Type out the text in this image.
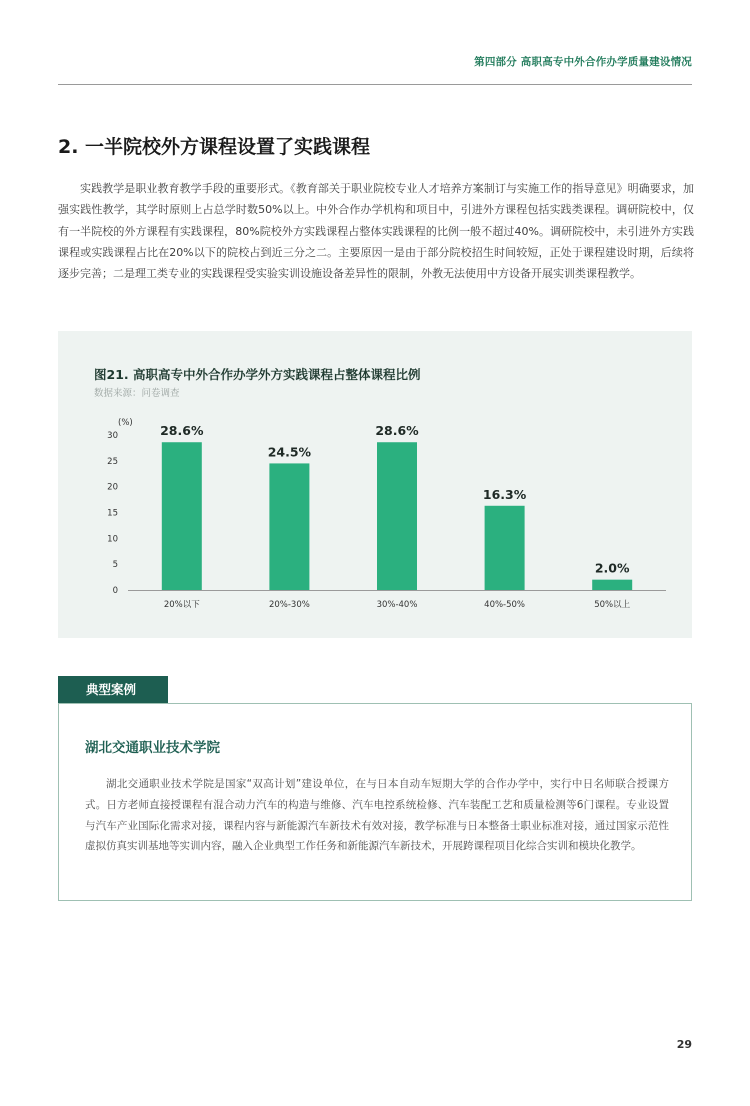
第四部分 高职高专中外合作办学质量建设情况
2. 一半院校外方课程设置了实践课程

实践教学是职业教育教学手段的重要形式。《教育部关于职业院校专业人才培养方案制订与实施工作的指导意见》明确要求，加强实践性教学，其学时原则上占总学时数50%以上。中外合作办学机构和项目中，引进外方课程包括实践类课程。调研院校中，仅有一半院校的外方课程有实践课程，80%院校外方实践课程占整体实践课程的比例一般不超过40%。调研院校中，未引进外方实践课程或实践课程占比在20%以下的院校占到近三分之二。主要原因一是由于部分院校招生时间较短，正处于课程建设时期，后续将逐步完善；二是理工类专业的实践课程受实验实训设施设备差异性的限制，外教无法使用中方设备开展实训类课程教学。

图21. 高职高专中外合作办学外方实践课程占整体课程比例
数据来源：问卷调查
(%)
0
5
10
15
20
25
30
20%以下	20%-30%	30%-40%	40%-50%	50%以上
28.6%
24.5%
28.6%
16.3%
2.0%
典型案例
湖北交通职业技术学院

湖北交通职业技术学院是国家“双高计划”建设单位，在与日本自动车短期大学的合作办学中，实行中日名师联合授课方式。日方老师直接授课程有混合动力汽车的构造与维修、汽车电控系统检修、汽车装配工艺和质量检测等6门课程。专业设置与汽车产业国际化需求对接，课程内容与新能源汽车新技术有效对接，教学标准与日本整备士职业标准对接，通过国家示范性虚拟仿真实训基地等实训内容，融入企业典型工作任务和新能源汽车新技术，开展跨课程项目化综合实训和模块化教学。

29
